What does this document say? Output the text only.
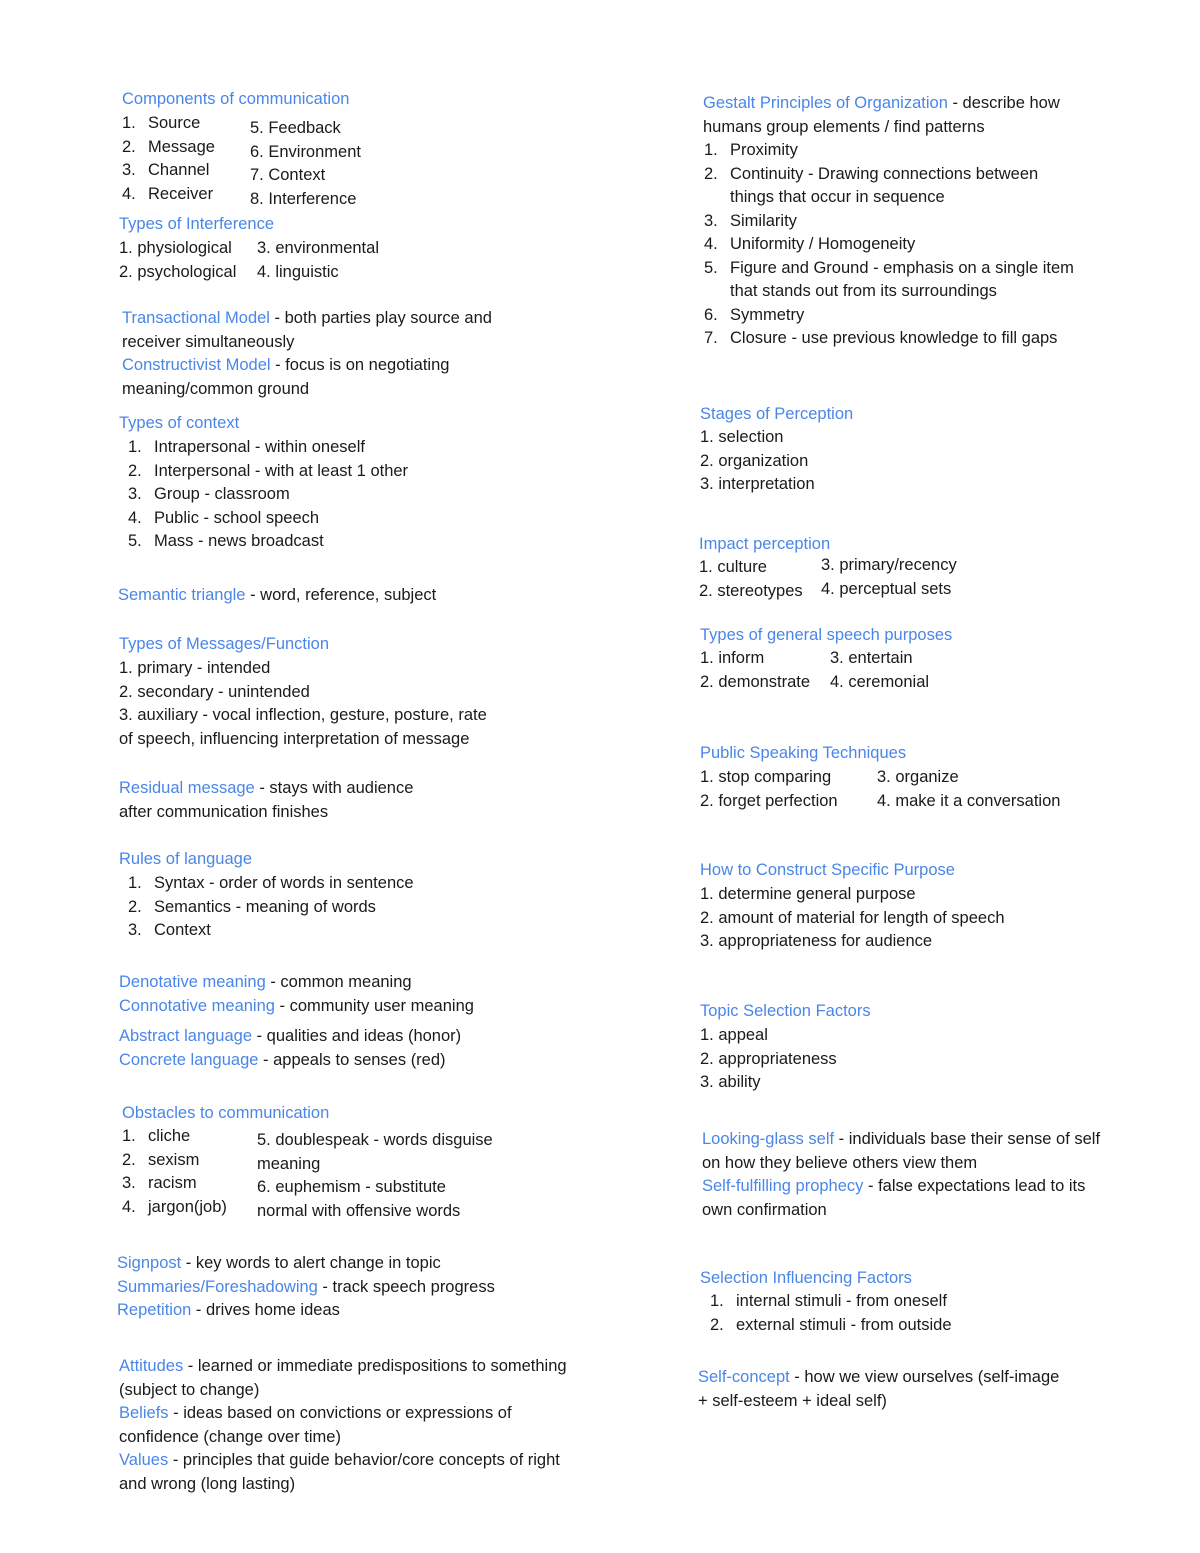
Components of communication
1. Source
2. Message
3. Channel
4. Receiver
5. Feedback
6. Environment
7. Context
8. Interference
Types of Interference
1. physiological
2. psychological
3. environmental
4. linguistic
Transactional Model - both parties play source and
receiver simultaneously
Constructivist Model - focus is on negotiating
meaning/common ground
Types of context
1. Intrapersonal - within oneself
2. Interpersonal - with at least 1 other
3. Group - classroom
4. Public - school speech
5. Mass - news broadcast
Semantic triangle - word, reference, subject
Types of Messages/Function
1. primary - intended
2. secondary - unintended
3. auxiliary - vocal inflection, gesture, posture, rate
of speech, influencing interpretation of message
Residual message - stays with audience
after communication finishes
Rules of language
1. Syntax - order of words in sentence
2. Semantics - meaning of words
3. Context
Denotative meaning - common meaning
Connotative meaning - community user meaning
Abstract language - qualities and ideas (honor)
Concrete language - appeals to senses (red)
Obstacles to communication
1. cliche
2. sexism
3. racism
4. jargon(job)
5. doublespeak - words disguise
meaning
6. euphemism - substitute
normal with offensive words
Signpost - key words to alert change in topic
Summaries/Foreshadowing - track speech progress
Repetition - drives home ideas
Attitudes - learned or immediate predispositions to something
(subject to change)
Beliefs - ideas based on convictions or expressions of
confidence (change over time)
Values - principles that guide behavior/core concepts of right
and wrong (long lasting)
Gestalt Principles of Organization - describe how
humans group elements / find patterns
1. Proximity
2. Continuity - Drawing connections between
things that occur in sequence
3. Similarity
4. Uniformity / Homogeneity
5. Figure and Ground - emphasis on a single item
that stands out from its surroundings
6. Symmetry
7. Closure - use previous knowledge to fill gaps
Stages of Perception
1. selection
2. organization
3. interpretation
Impact perception
1. culture
2. stereotypes
3. primary/recency
4. perceptual sets
Types of general speech purposes
1. inform
2. demonstrate
3. entertain
4. ceremonial
Public Speaking Techniques
1. stop comparing
2. forget perfection
3. organize
4. make it a conversation
How to Construct Specific Purpose
1. determine general purpose
2. amount of material for length of speech
3. appropriateness for audience
Topic Selection Factors
1. appeal
2. appropriateness
3. ability
Looking-glass self - individuals base their sense of self
on how they believe others view them
Self-fulfilling prophecy - false expectations lead to its
own confirmation
Selection Influencing Factors
1. internal stimuli - from oneself
2. external stimuli - from outside
Self-concept - how we view ourselves (self-image
+ self-esteem + ideal self)
